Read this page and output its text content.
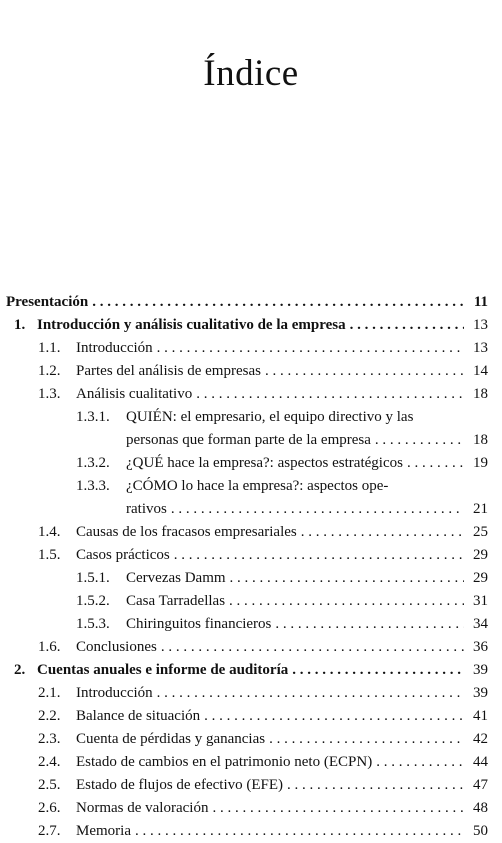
Índice
Presentación . . .	11
1. Introducción y análisis cualitativo de la empresa . . .	13
1.1.	Introducción . . .	13
1.2.	Partes del análisis de empresas . . .	14
1.3.	Análisis cualitativo . . .	18
1.3.1. QUIÉN: el empresario, el equipo directivo y las
personas que forman parte de la empresa . . .	18
1.3.2.	¿QUÉ hace la empresa?: aspectos estratégicos . . .	19
1.3.3. ¿CÓMO lo hace la empresa?: aspectos ope-
rativos . . .	21
1.4.	Causas de los fracasos empresariales . . .	25
1.5.	Casos prácticos . . .	29
1.5.1.	Cervezas Damm . . .	29
1.5.2.	Casa Tarradellas . . .	31
1.5.3.	Chiringuitos financieros . . .	34
1.6.	Conclusiones . . .	36
2. Cuentas anuales e informe de auditoría . . .	39
2.1.	Introducción . . .	39
2.2.	Balance de situación . . .	41
2.3.	Cuenta de pérdidas y ganancias . . .	42
2.4.	Estado de cambios en el patrimonio neto (ECPN) . . .	44
2.5.	Estado de flujos de efectivo (EFE) . . .	47
2.6.	Normas de valoración . . .	48
2.7.	Memoria . . .	50
